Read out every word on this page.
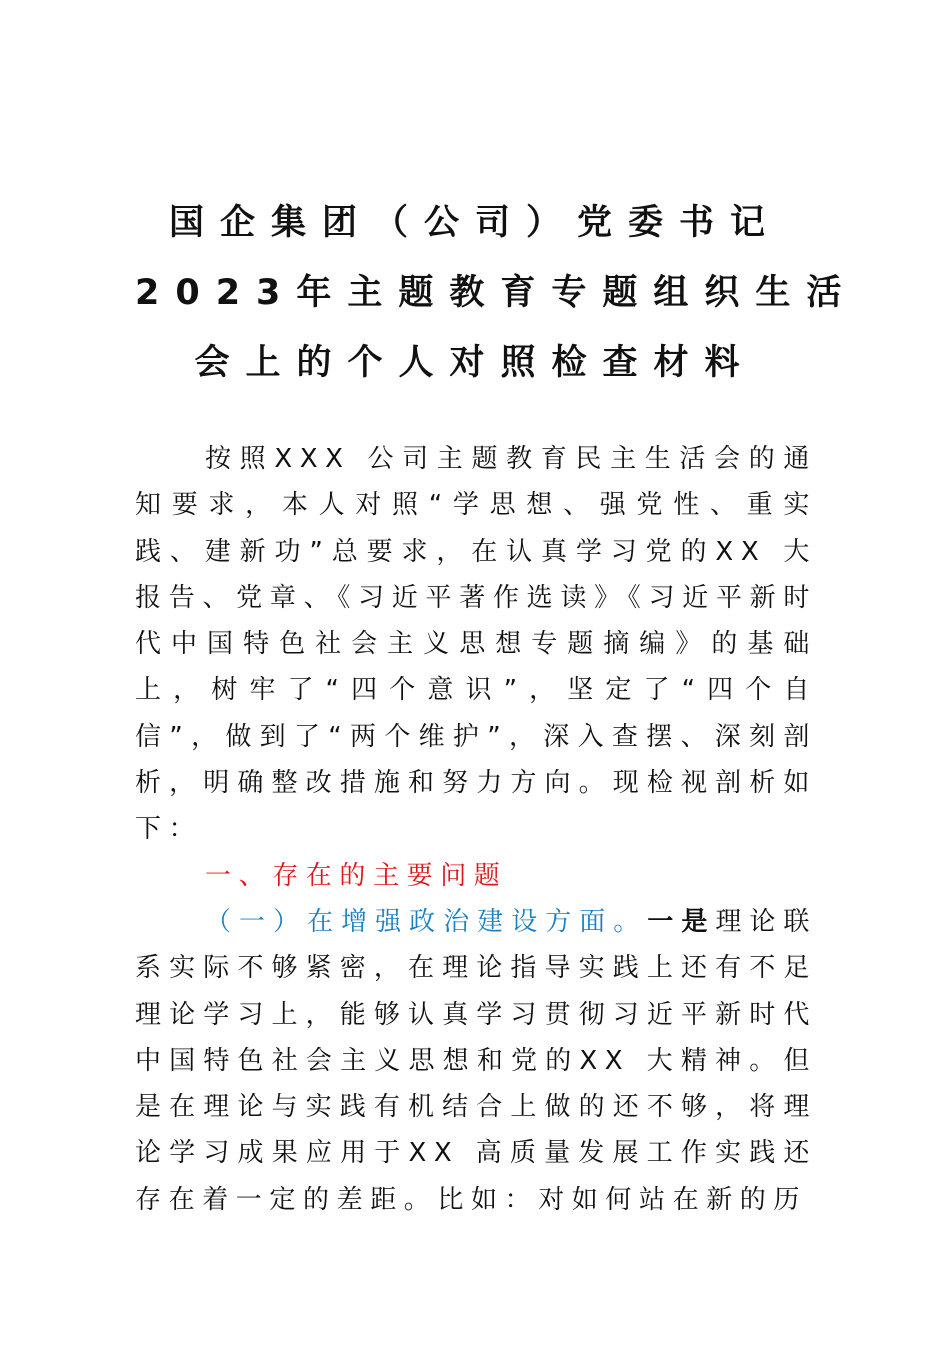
国企集团（公司）党委书记
2023年主题教育专题组织生活
会上的个人对照检查材料

按照XXX 公司主题教育民主生活会的通知要求，本人对照“学思想、强党性、重实践、建新功”总要求，在认真学习党的XX 大报告、党章、《习近平著作选读》《习近平新时代中国特色社会主义思想专题摘编》的基础上，树牢了“四个意识”，坚定了“四个自信”，做到了“两个维护”，深入查摆、深刻剖析，明确整改措施和努力方向。现检视剖析如下：

一、存在的主要问题

（一）在增强政治建设方面。一是理论联系实际不够紧密，在理论指导实践上还有不足理论学习上，能够认真学习贯彻习近平新时代中国特色社会主义思想和党的XX 大精神。但是在理论与实践有机结合上做的还不够，将理论学习成果应用于XX 高质量发展工作实践还存在着一定的差距。比如：对如何站在新的历
